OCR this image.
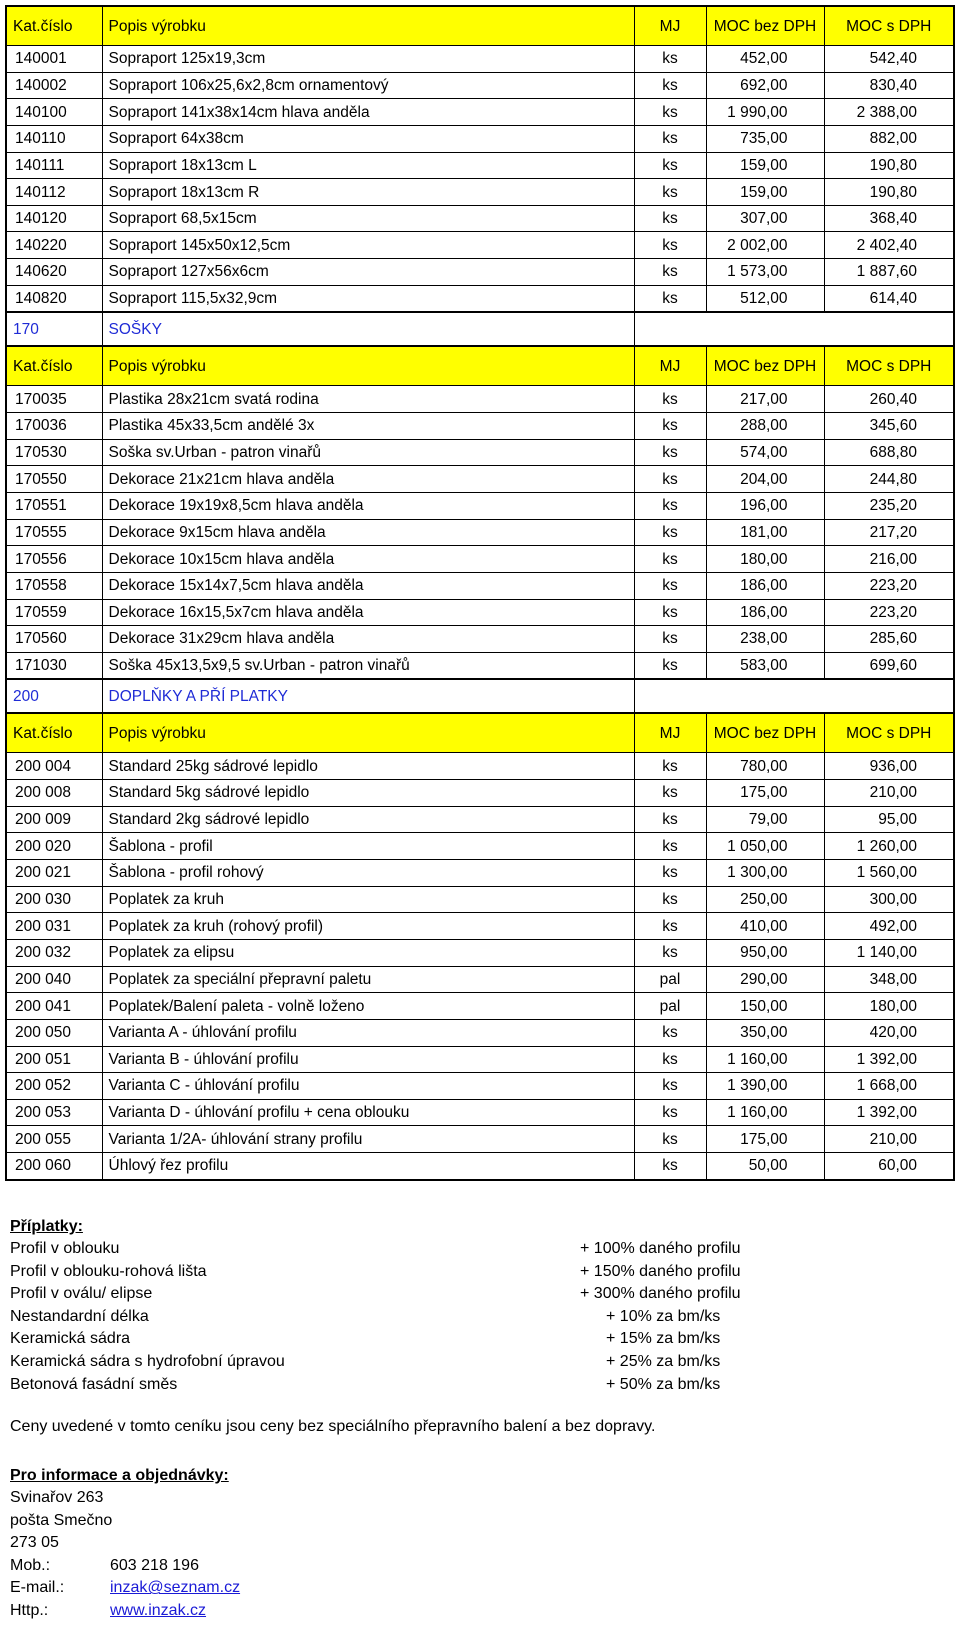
Kat.číslo	Popis výrobku	MJ	MOC bez DPH	MOC s DPH
140001	Sopraport 125x19,3cm	ks	452,00	542,40
140002	Sopraport 106x25,6x2,8cm ornamentový	ks	692,00	830,40
140100	Sopraport 141x38x14cm hlava anděla	ks	1 990,00	2 388,00
140110	Sopraport 64x38cm	ks	735,00	882,00
140111	Sopraport 18x13cm L	ks	159,00	190,80
140112	Sopraport 18x13cm R	ks	159,00	190,80
140120	Sopraport 68,5x15cm	ks	307,00	368,40
140220	Sopraport 145x50x12,5cm	ks	2 002,00	2 402,40
140620	Sopraport 127x56x6cm	ks	1 573,00	1 887,60
140820	Sopraport 115,5x32,9cm	ks	512,00	614,40
170	SOŠKY			
Kat.číslo	Popis výrobku	MJ	MOC bez DPH	MOC s DPH
170035	Plastika 28x21cm svatá rodina	ks	217,00	260,40
170036	Plastika 45x33,5cm andělé 3x	ks	288,00	345,60
170530	Soška sv.Urban - patron vinařů	ks	574,00	688,80
170550	Dekorace 21x21cm hlava anděla	ks	204,00	244,80
170551	Dekorace 19x19x8,5cm hlava anděla	ks	196,00	235,20
170555	Dekorace 9x15cm hlava anděla	ks	181,00	217,20
170556	Dekorace 10x15cm hlava anděla	ks	180,00	216,00
170558	Dekorace 15x14x7,5cm hlava anděla	ks	186,00	223,20
170559	Dekorace 16x15,5x7cm hlava anděla	ks	186,00	223,20
170560	Dekorace 31x29cm hlava anděla	ks	238,00	285,60
171030	Soška 45x13,5x9,5 sv.Urban - patron vinařů	ks	583,00	699,60
200	DOPLŇKY A PŘÍ PLATKY			
Kat.číslo	Popis výrobku	MJ	MOC bez DPH	MOC s DPH
200 004	Standard 25kg sádrové lepidlo	ks	780,00	936,00
200 008	Standard 5kg sádrové lepidlo	ks	175,00	210,00
200 009	Standard 2kg sádrové lepidlo	ks	79,00	95,00
200 020	Šablona - profil	ks	1 050,00	1 260,00
200 021	Šablona - profil rohový	ks	1 300,00	1 560,00
200 030	Poplatek za kruh	ks	250,00	300,00
200 031	Poplatek za kruh (rohový profil)	ks	410,00	492,00
200 032	Poplatek za elipsu	ks	950,00	1 140,00
200 040	Poplatek za speciální přepravní paletu	pal	290,00	348,00
200 041	Poplatek/Balení paleta - volně loženo	pal	150,00	180,00
200 050	Varianta A - úhlování profilu	ks	350,00	420,00
200 051	Varianta B - úhlování profilu	ks	1 160,00	1 392,00
200 052	Varianta C - úhlování profilu	ks	1 390,00	1 668,00
200 053	Varianta D - úhlování profilu + cena oblouku	ks	1 160,00	1 392,00
200 055	Varianta 1/2A- úhlování strany profilu	ks	175,00	210,00
200 060	Úhlový řez profilu	ks	50,00	60,00
Příplatky:
Profil v oblouku	+ 100% daného profilu
Profil v oblouku-rohová lišta	+ 150% daného profilu
Profil v oválu/ elipse	+ 300% daného profilu
Nestandardní délka	+ 10% za bm/ks
Keramická sádra	+ 15% za bm/ks
Keramická sádra s hydrofobní úpravou	+ 25% za bm/ks
Betonová fasádní směs	+ 50% za bm/ks
Ceny uvedené v tomto ceníku jsou ceny bez speciálního přepravního balení a bez dopravy.
Pro informace a objednávky:
Svinařov 263
pošta Smečno
273 05
Mob.:	603 218 196
E-mail.:	inzak@seznam.cz
Http.:	www.inzak.cz
